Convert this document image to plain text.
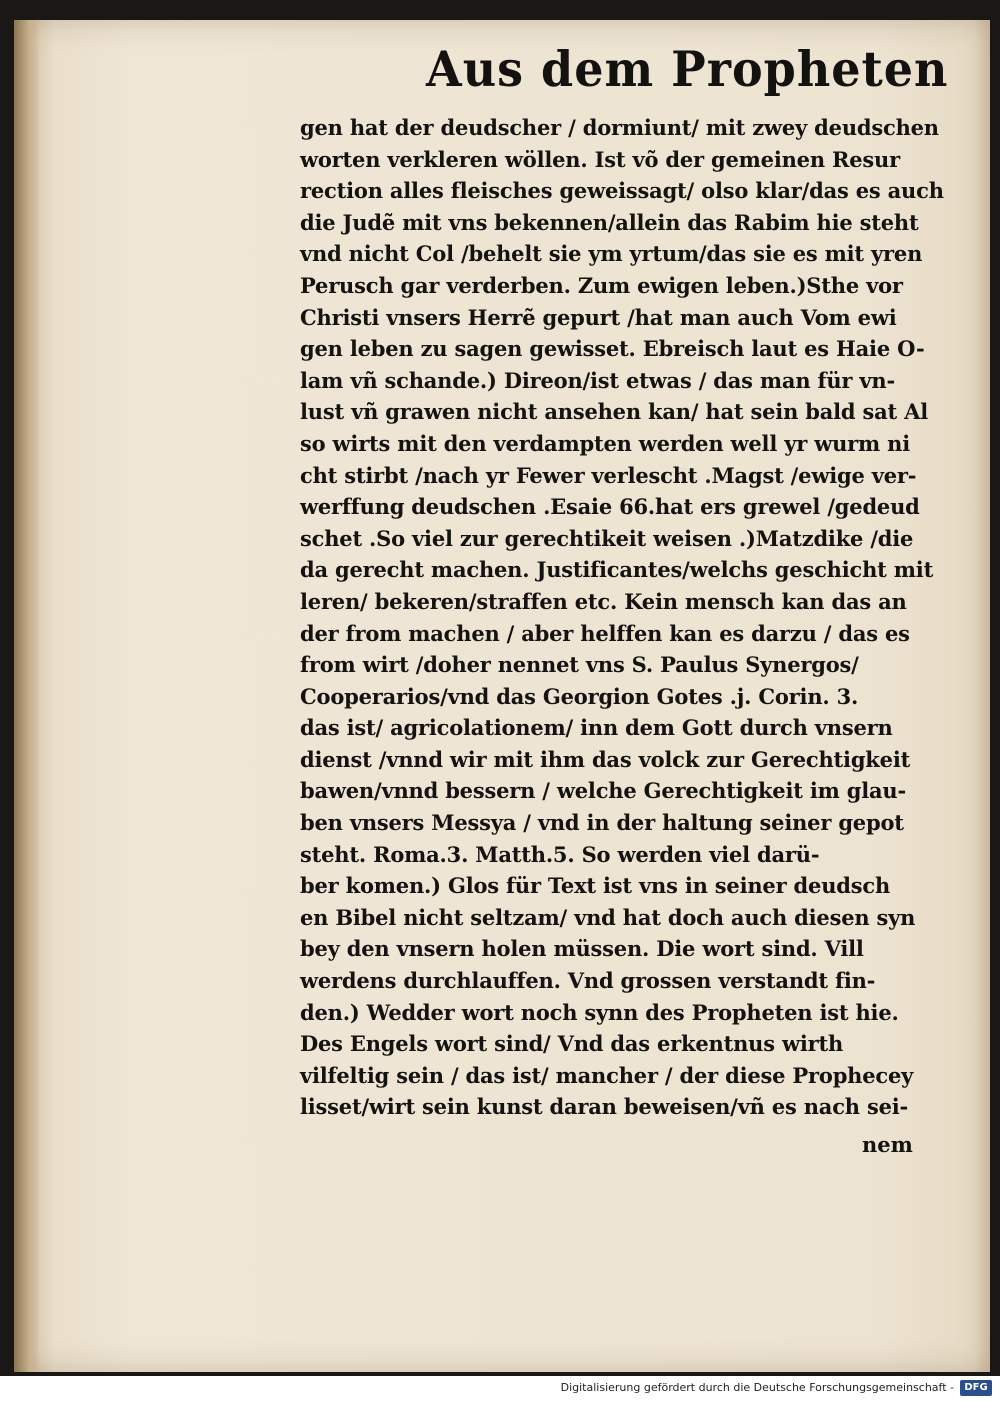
Aus dem Propheten
gen hat der deudscher / dormiunt/ mit zwey deudschen
worten verkleren wöllen. Ist võ der gemeinen Resur
rection alles fleisches geweissagt/ olso klar/das es auch
die Judẽ mit vns bekennen/allein das Rabim hie steht
vnd nicht Col /behelt sie ym yrtum/das sie es mit yren
Perusch gar verderben. Zum ewigen leben.)Sthe vor
Christi vnsers Herrẽ gepurt /hat man auch Vom ewi
gen leben zu sagen gewisset. Ebreisch laut es Haie O-
lam vñ schande.) Direon/ist etwas / das man für vn-
lust vñ grawen nicht ansehen kan/ hat sein bald sat Al
so wirts mit den verdampten werden well yr wurm ni
cht stirbt /nach yr Fewer verlescht .Magst /ewige ver-
werffung deudschen .Esaie 66.hat ers grewel /gedeud
schet .So viel zur gerechtikeit weisen .)Matzdike /die
da gerecht machen. Justificantes/welchs geschicht mit
leren/ bekeren/straffen etc. Kein mensch kan das an
der from machen / aber helffen kan es darzu / das es
from wirt /doher nennet vns S. Paulus Synergos/
Cooperarios/vnd das Georgion Gotes .j. Corin. 3.
das ist/ agricolationem/ inn dem Gott durch vnsern
dienst /vnnd wir mit ihm das volck zur Gerechtigkeit
bawen/vnnd bessern / welche Gerechtigkeit im glau-
ben vnsers Messya / vnd in der haltung seiner gepot
steht. Roma.3. Matth.5. So werden viel darü-
ber komen.) Glos für Text ist vns in seiner deudsch
en Bibel nicht seltzam/ vnd hat doch auch diesen syn
bey den vnsern holen müssen. Die wort sind. Vill
werdens durchlauffen. Vnd grossen verstandt fin-
den.) Wedder wort noch synn des Propheten ist hie.
Des Engels wort sind/ Vnd das erkentnus wirth
vilfeltig sein / das ist/ mancher / der diese Prophecey
lisset/wirt sein kunst daran beweisen/vñ es nach sei-
nem
Digitalisierung gefördert durch die Deutsche Forschungsgemeinschaft -	DFG
